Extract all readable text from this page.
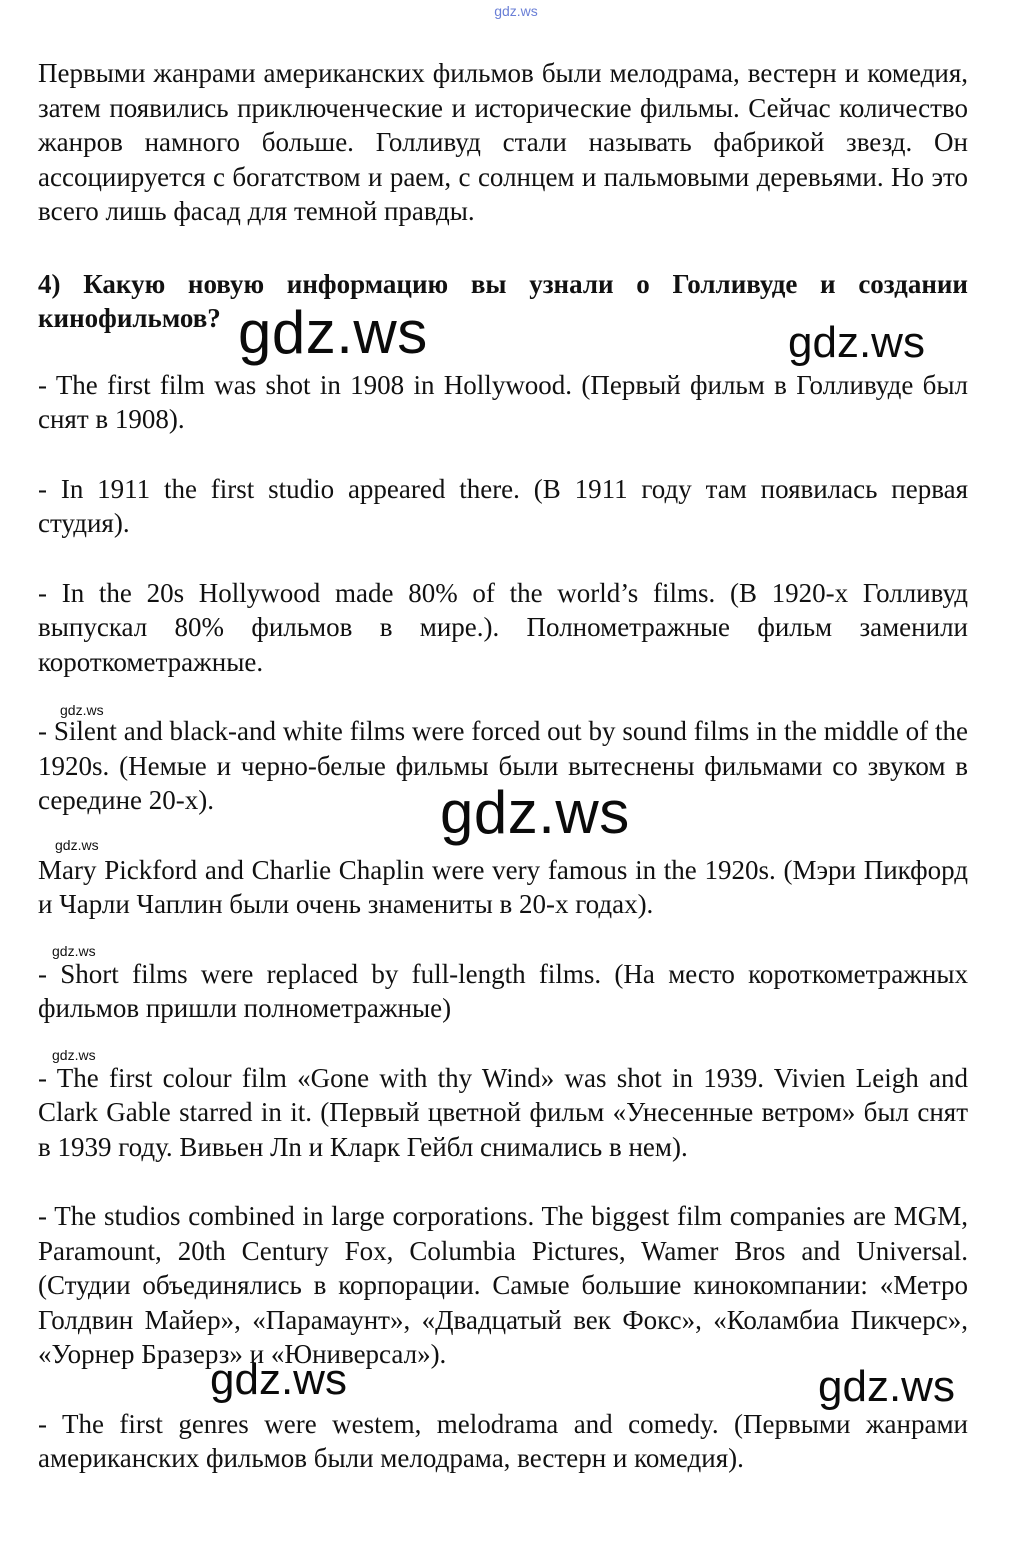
gdz.ws

Первыми жанрами американских фильмов были мелодрама, вестерн и комедия, затем появились приключенческие и исторические фильмы. Сейчас количество жанров намного больше. Голливуд стали называть фабрикой звезд. Он ассоциируется с богатством и раем, с солнцем и пальмовыми деревьями. Но это всего лишь фасад для темной правды.

4) Какую новую информацию вы узнали о Голливуде и создании кинофильмов?

- The first film was shot in 1908 in Hollywood. (Первый фильм в Голливуде был снят в 1908).

- In 1911 the first studio appeared there. (В 1911 году там появилась первая студия).

- In the 20s Hollywood made 80% of the world’s films. (В 1920-х Голливуд выпускал 80% фильмов в мире.). Полнометражные фильм заменили короткометражные.

- Silent and black-and white films were forced out by sound films in the middle of the 1920s. (Немые и черно-белые фильмы были вытеснены фильмами со звуком в середине 20-х).

Mary Pickford and Charlie Chaplin were very famous in the 1920s. (Мэри Пикфорд и Чарли Чаплин были очень знамениты в 20-х годах).

- Short films were replaced by full-length films. (На место короткометражных фильмов пришли полнометражные)

- The first colour film «Gone with thy Wind» was shot in 1939. Vivien Leigh and Clark Gable starred in it. (Первый цветной фильм «Унесенные ветром» был снят в 1939 году. Вивьен Лn и Кларк Гейбл снимались в нем).

- The studios combined in large corporations. The biggest film companies are MGM, Paramount, 20th Century Fox, Columbia Pictures, Wamer Bros and Universal. (Студии объединялись в корпорации. Самые большие кинокомпании: «Метро Голдвин Майер», «Парамаунт», «Двадцатый век Фокс», «Коламбиа Пикчерс», «Уорнер Бразерз» и «Юниверсал»).

- The first genres were westem, melodrama and comedy. (Первыми жанрами американских фильмов были мелодрама, вестерн и комедия).

gdz.ws	gdz.ws
gdz.ws
gdz.ws
gdz.ws
gdz.ws
gdz.ws
gdz.ws	gdz.ws
